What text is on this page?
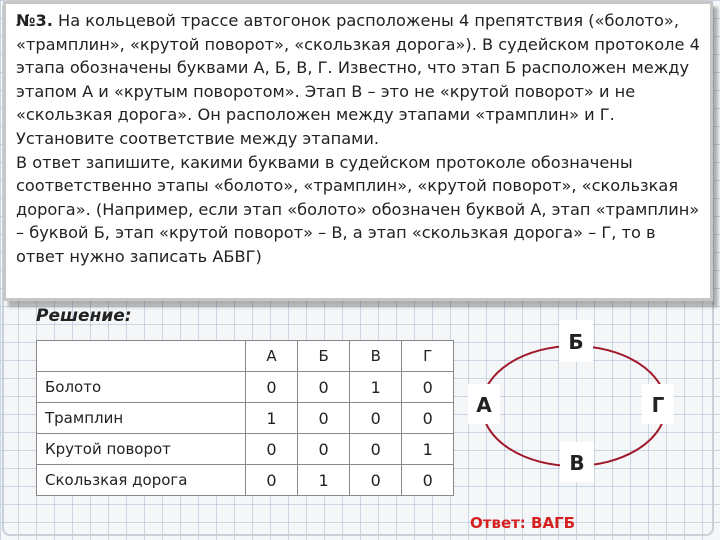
№3. На кольцевой трассе автогонок расположены 4 препятствия («болото», «трамплин», «крутой поворот», «скользкая дорога»). В судейском протоколе 4 этапа обозначены буквами А, Б, В, Г. Известно, что этап Б расположен между этапом А и «крутым поворотом». Этап В – это не «крутой поворот» и не «скользкая дорога». Он расположен между этапами «трамплин» и Г. Установите соответствие между этапами.

В ответ запишите, какими буквами в судейском протоколе обозначены соответственно этапы «болото», «трамплин», «крутой поворот», «скользкая дорога». (Например, если этап «болото» обозначен буквой А, этап «трамплин» – буквой Б, этап «крутой поворот» – В, а этап «скользкая дорога» – Г, то в ответ нужно записать АБВГ)

Решение:
	А	Б	В	Г
Болото	0	0	1	0
Трамплин	1	0	0	0
Крутой поворот	0	0	0	1
Скользкая дорога	0	1	0	0
Б
А	Г
В
Ответ: ВАГБ
